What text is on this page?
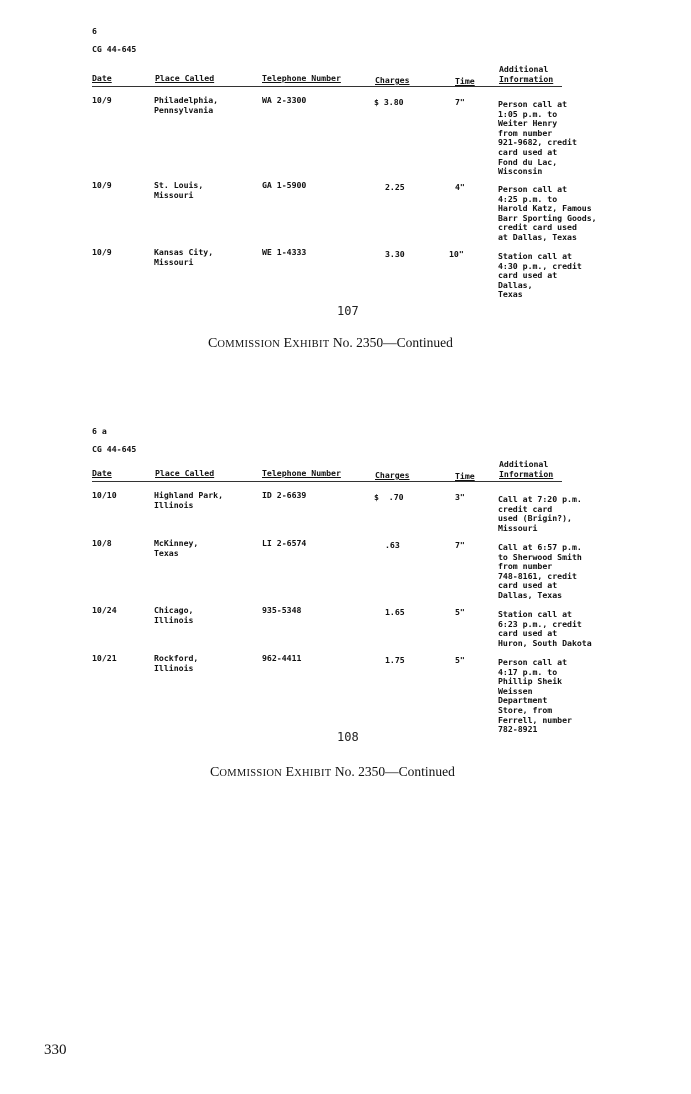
6
CG 44-645
Date	Place Called	Telephone Number	Charges	Time
Additional
Information
10/9	Philadelphia,
Pennsylvania
WA 2-3300	$ 3.80	7"	Person call at
1:05 p.m. to
Weiter Henry
from number
921-9682, credit
card used at
Fond du Lac,
Wisconsin
10/9	St. Louis,
Missouri
GA 1-5900	2.25	4"	Person call at
4:25 p.m. to
Harold Katz, Famous
Barr Sporting Goods,
credit card used
at Dallas, Texas
10/9	Kansas City,
Missouri
WE 1-4333	3.30	10"	Station call at
4:30 p.m., credit
card used at
Dallas,
Texas
107
COMMISSION EXHIBIT No. 2350—Continued
6 a
CG 44-645
Date	Place Called	Telephone Number	Charges	Time
Additional
Information
10/10	Highland Park,
Illinois
ID 2-6639	$  .70	3"	Call at 7:20 p.m.
credit card
used (Brigin?),
Missouri
10/8	McKinney,
Texas
LI 2-6574	.63	7"	Call at 6:57 p.m.
to Sherwood Smith
from number
748-8161, credit
card used at
Dallas, Texas
10/24	Chicago,
Illinois
935-5348	1.65	5"	Station call at
6:23 p.m., credit
card used at
Huron, South Dakota
10/21	Rockford,
Illinois
962-4411	1.75	5"	Person call at
4:17 p.m. to
Phillip Sheik
Weissen
Department
Store, from
Ferrell, number
782-8921
108
COMMISSION EXHIBIT No. 2350—Continued
330
